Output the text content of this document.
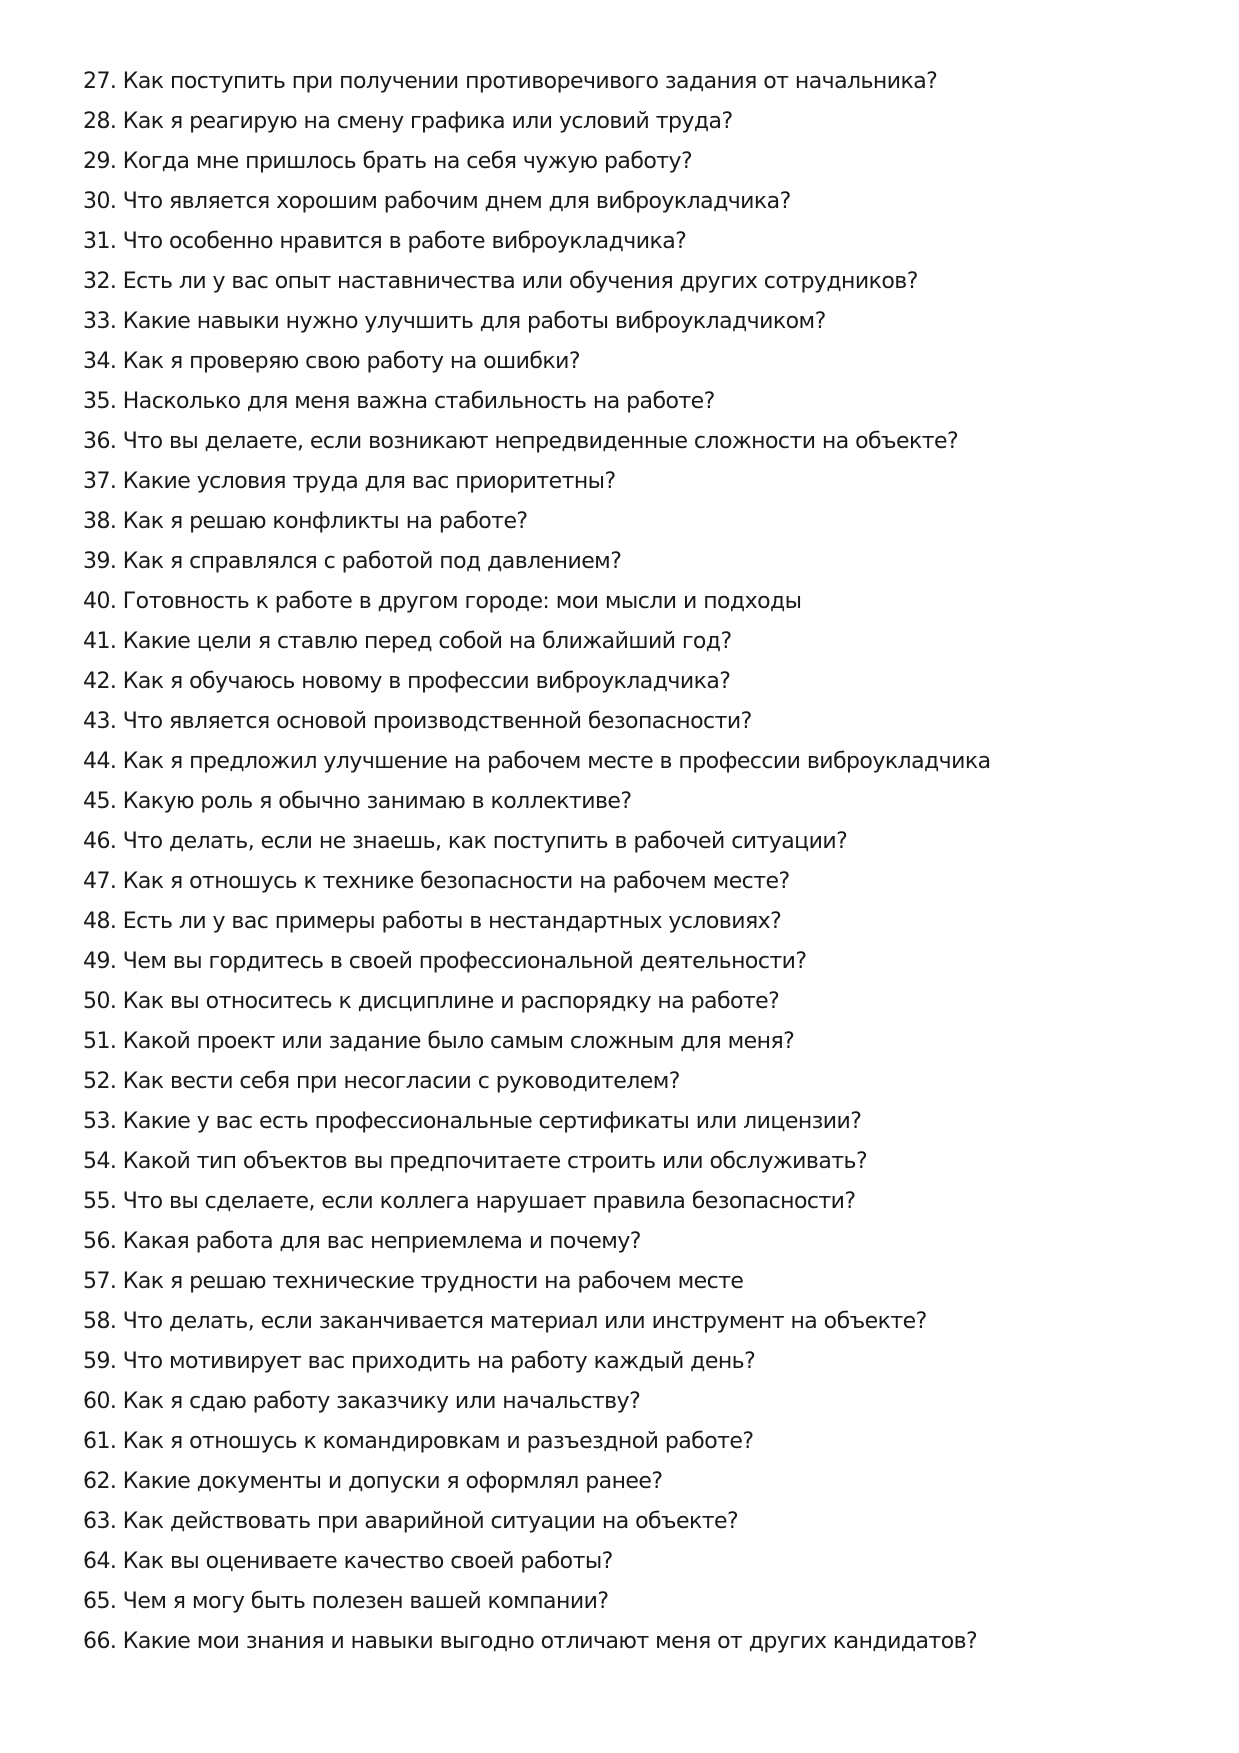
27 . Как поступить при получении противоречивого задания от начальника?
28 . Как я реагирую на смену графика или условий труда?
29 . Когда мне пришлось брать на себя чужую работу?
30 . Что является хорошим рабочим днем для виброукладчика?
31 . Что особенно нравится в работе виброукладчика?
32 . Есть ли у вас опыт наставничества или обучения других сотрудников?
33 . Какие навыки нужно улучшить для работы виброукладчиком?
34 . Как я проверяю свою работу на ошибки?
35 . Насколько для меня важна стабильность на работе?
36 . Что вы делаете, если возникают непредвиденные сложности на объекте?
37 . Какие условия труда для вас приоритетны?
38 . Как я решаю конфликты на работе?
39 . Как я справлялся с работой под давлением?
40 . Готовность к работе в другом городе: мои мысли и подходы
41 . Какие цели я ставлю перед собой на ближайший год?
42 . Как я обучаюсь новому в профессии виброукладчика?
43 . Что является основой производственной безопасности?
44 . Как я предложил улучшение на рабочем месте в профессии виброукладчика
45 . Какую роль я обычно занимаю в коллективе?
46 . Что делать, если не знаешь, как поступить в рабочей ситуации?
47 . Как я отношусь к технике безопасности на рабочем месте?
48 . Есть ли у вас примеры работы в нестандартных условиях?
49 . Чем вы гордитесь в своей профессиональной деятельности?
50 . Как вы относитесь к дисциплине и распорядку на работе?
51 . Какой проект или задание было самым сложным для меня?
52 . Как вести себя при несогласии с руководителем?
53 . Какие у вас есть профессиональные сертификаты или лицензии?
54 . Какой тип объектов вы предпочитаете строить или обслуживать?
55 . Что вы сделаете, если коллега нарушает правила безопасности?
56 . Какая работа для вас неприемлема и почему?
57 . Как я решаю технические трудности на рабочем месте
58 . Что делать, если заканчивается материал или инструмент на объекте?
59 . Что мотивирует вас приходить на работу каждый день?
60 . Как я сдаю работу заказчику или начальству?
61 . Как я отношусь к командировкам и разъездной работе?
62 . Какие документы и допуски я оформлял ранее?
63 . Как действовать при аварийной ситуации на объекте?
64 . Как вы оцениваете качество своей работы?
65 . Чем я могу быть полезен вашей компании?
66 . Какие мои знания и навыки выгодно отличают меня от других кандидатов?
